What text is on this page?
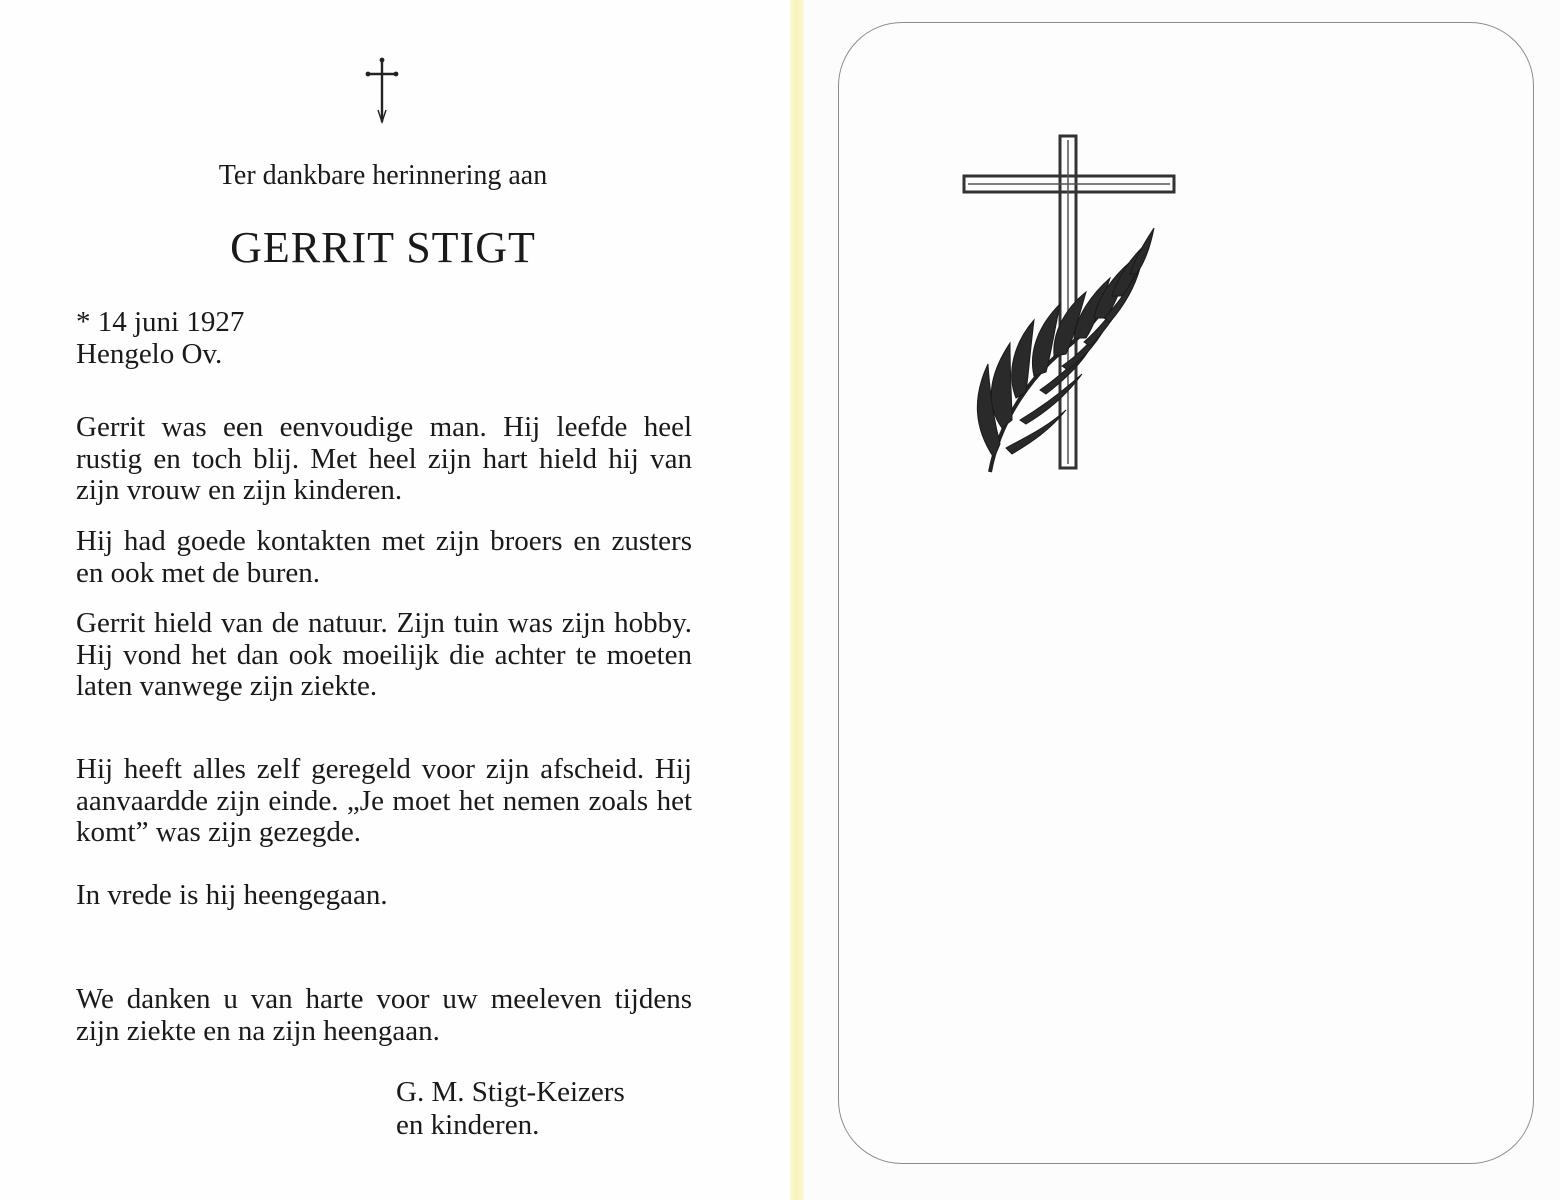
Ter dankbare herinnering aan
GERRIT STIGT
* 14 juni 1927
Hengelo Ov.
Gerrit was een eenvoudige man. Hij leefde heel rustig en toch blij. Met heel zijn hart hield hij van zijn vrouw en zijn kinderen.
Hij had goede kontakten met zijn broers en zusters en ook met de buren.
Gerrit hield van de natuur. Zijn tuin was zijn hobby. Hij vond het dan ook moeilijk die achter te moeten laten vanwege zijn ziekte.
Hij heeft alles zelf geregeld voor zijn afscheid. Hij aanvaardde zijn einde. „Je moet het nemen zoals het komt” was zijn gezegde.
In vrede is hij heengegaan.
We danken u van harte voor uw meeleven tijdens zijn ziekte en na zijn heengaan.
G. M. Stigt-Keizers
en kinderen.
